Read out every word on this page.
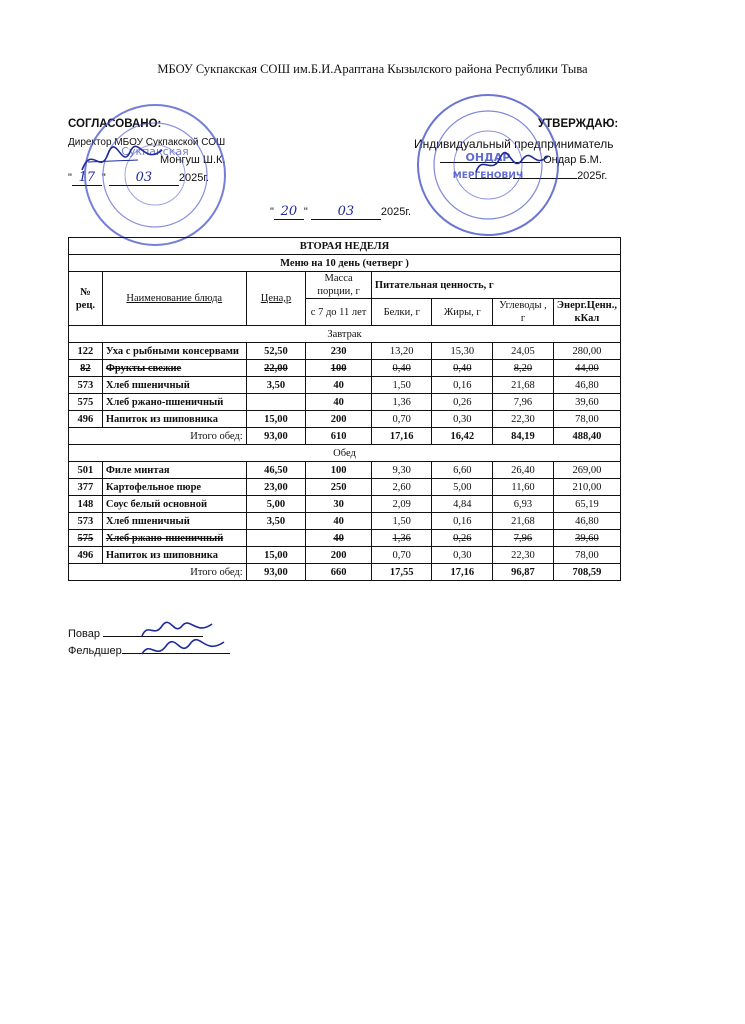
МБОУ Сукпакская СОШ им.Б.И.Араптана Кызылского района Республики Тыва
СОГЛАСОВАНО:
Директор МБОУ Сукпакской СОШ
Монгуш Ш.К.
" 17 " 03 2025г.
УТВЕРЖДАЮ:
Индивидуальный предприниматель
Ондар Б.М.
2025г.
" 20 " 03 2025г.
Сукпакская	ОНДАР
МЕРГЕНОВИЧ
ВТОРАЯ НЕДЕЛЯ							
Меню на 10 день (четверг )							
№ рец.	Наименование блюда	Цена,р	Масса порции, г	Питательная ценность, г			
			с 7 до 11 лет	Белки, г	Жиры, г	Углеводы , г	Энерг.Ценн., кКал
Завтрак							
122	Уха с рыбными консервами	52,50	230	13,20	15,30	24,05	280,00
82	Фрукты свежие	22,00	100	0,40	0,40	8,20	44,00
573	Хлеб пшеничный	3,50	40	1,50	0,16	21,68	46,80
575	Хлеб ржано-пшеничный		40	1,36	0,26	7,96	39,60
496	Напиток из шиповника	15,00	200	0,70	0,30	22,30	78,00
Итого обед:		93,00	610	17,16	16,42	84,19	488,40
Обед							
501	Филе минтая	46,50	100	9,30	6,60	26,40	269,00
377	Картофельное пюре	23,00	250	2,60	5,00	11,60	210,00
148	Соус белый основной	5,00	30	2,09	4,84	6,93	65,19
573	Хлеб пшеничный	3,50	40	1,50	0,16	21,68	46,80
575	Хлеб ржано-пшеничный		40	1,36	0,26	7,96	39,60
496	Напиток из шиповника	15,00	200	0,70	0,30	22,30	78,00
Итого обед:		93,00	660	17,55	17,16	96,87	708,59
Повар
Фельдшер
